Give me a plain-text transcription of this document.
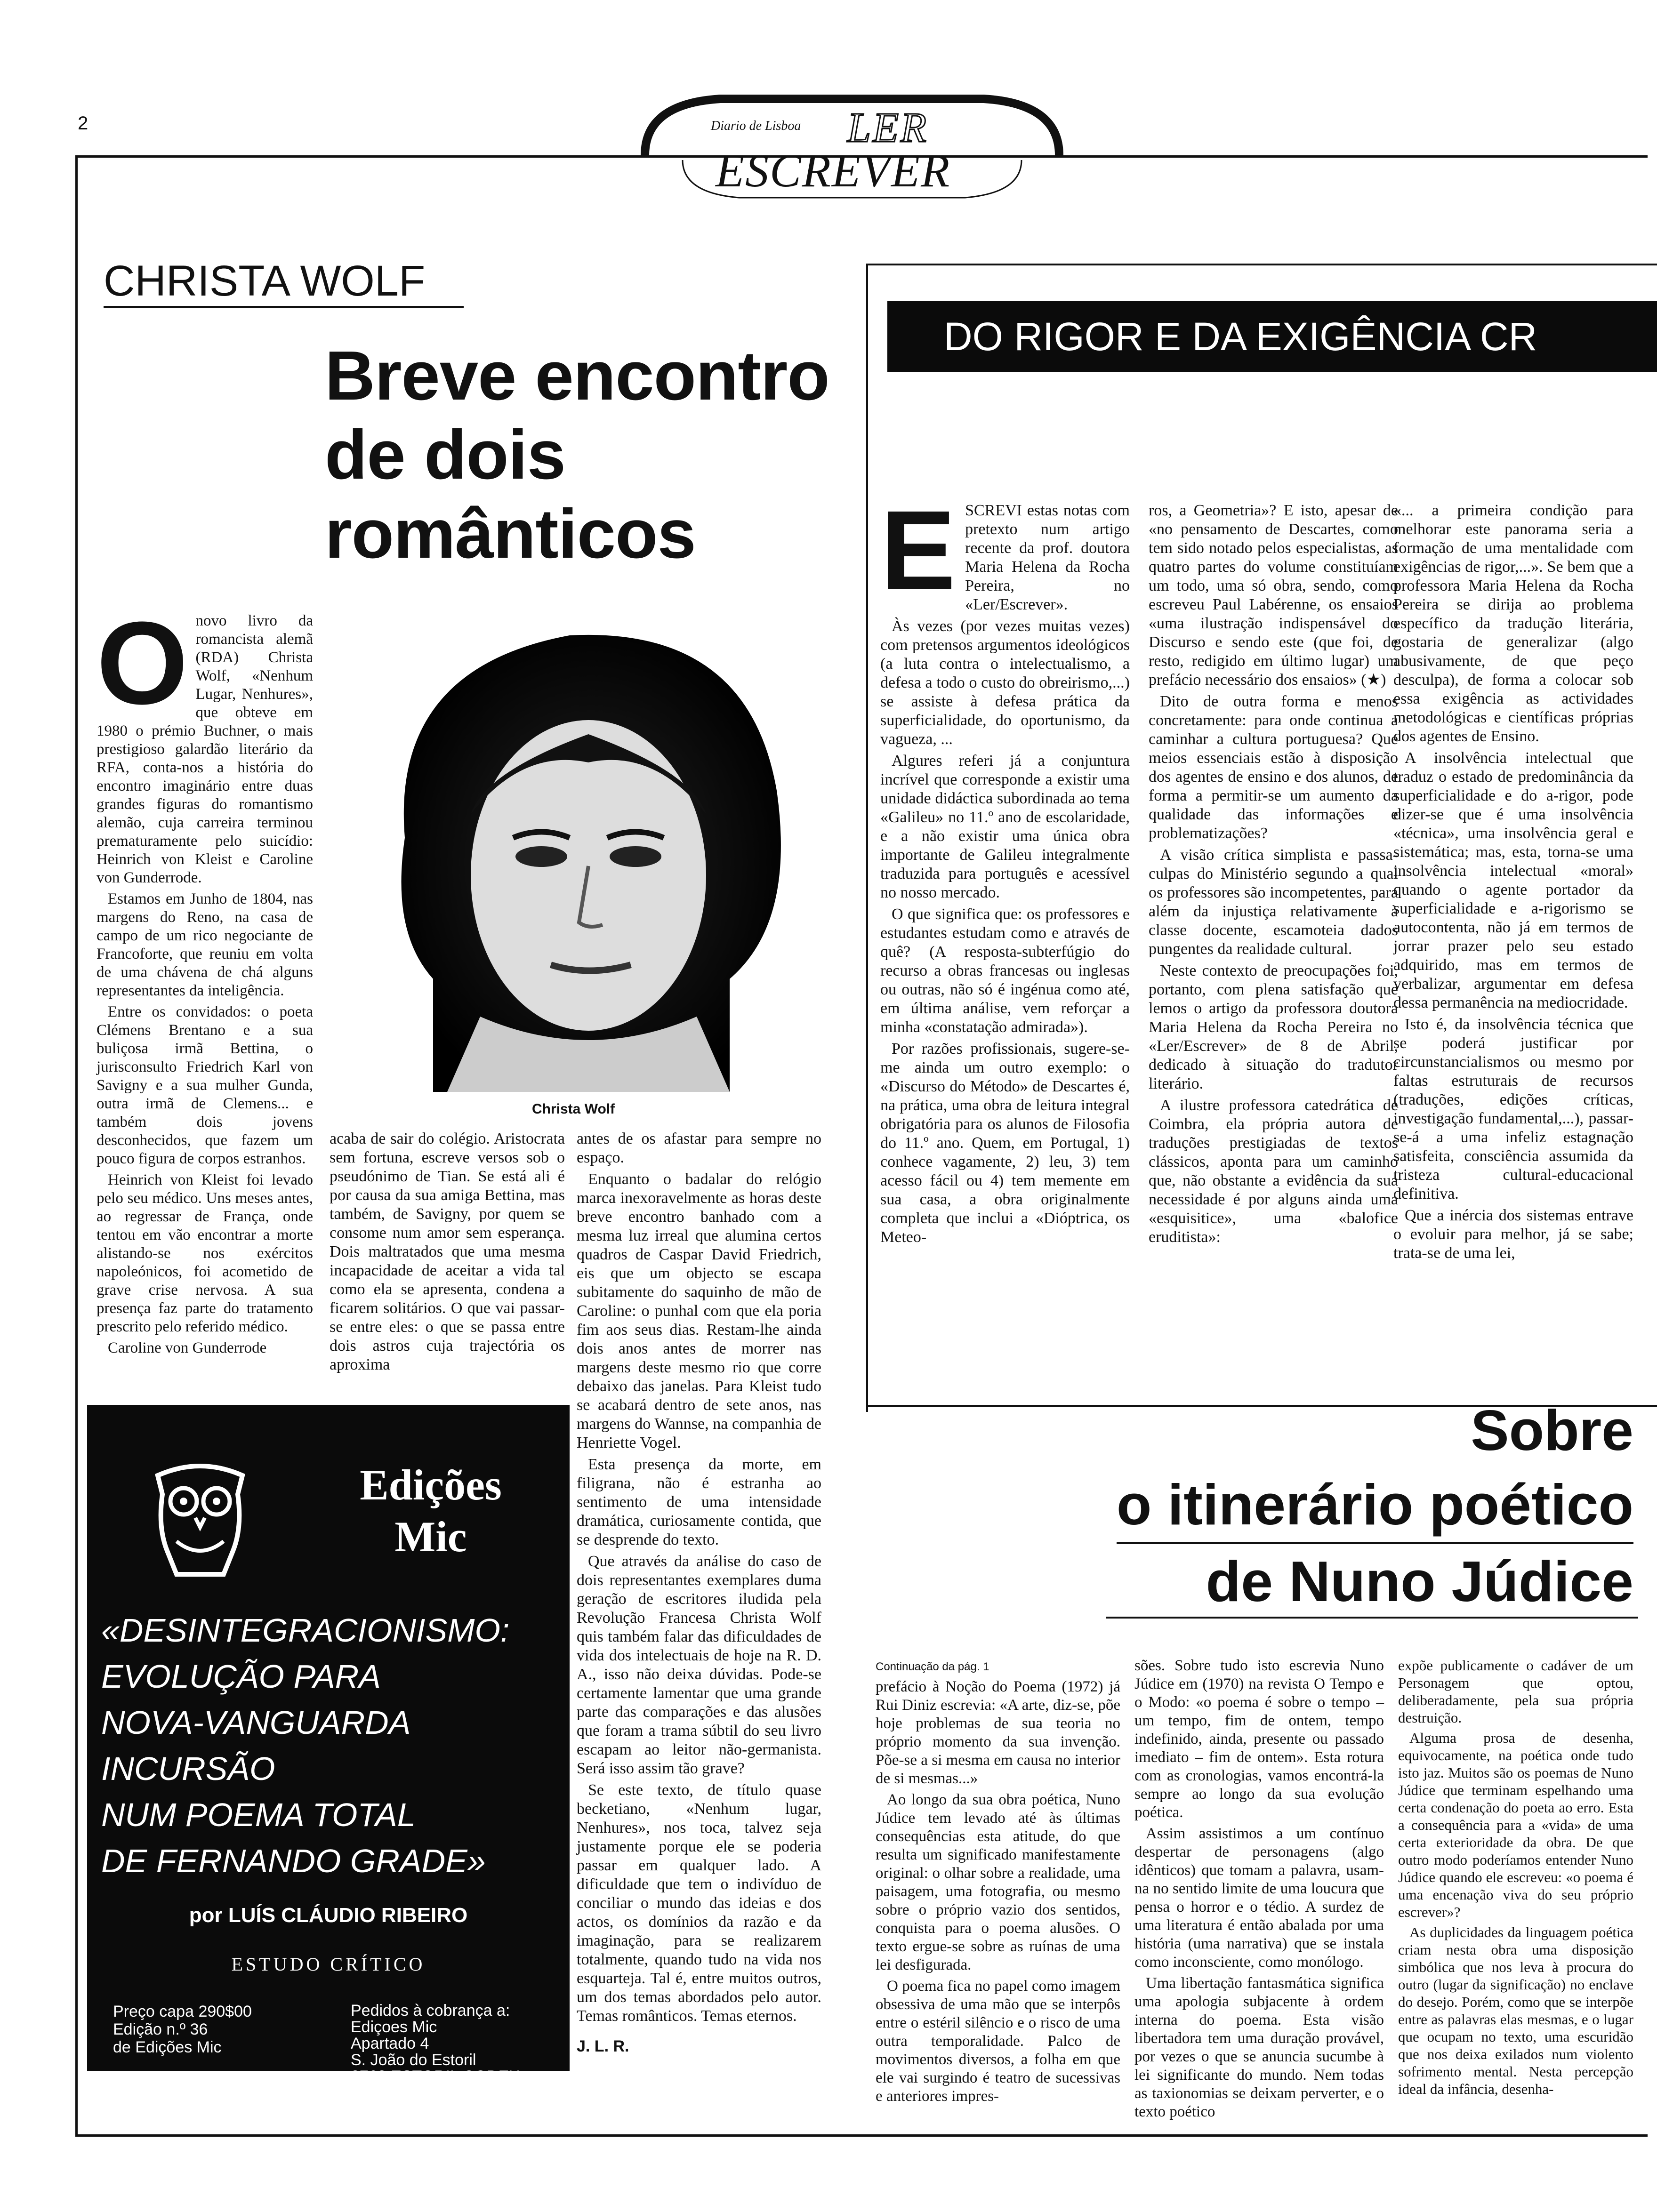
2	Diario de Lisboa LER
ESCREVER
CHRISTA WOLF
Breve encontro
de dois
românticos
Christa Wolf
O novo livro da romancista alemã (RDA) Christa Wolf, «Nenhum Lugar, Nenhures», que obteve em 1980 o prémio Buchner, o mais prestigioso galardão literário da RFA, conta-nos a história do encontro imaginário entre duas grandes figuras do romantismo alemão, cuja carreira terminou prematuramente pelo suicídio: Heinrich von Kleist e Caroline von Gunderrode.

Estamos em Junho de 1804, nas margens do Reno, na casa de campo de um rico negociante de Francoforte, que reuniu em volta de uma chávena de chá alguns representantes da inteligência.

Entre os convidados: o poeta Clémens Brentano e a sua buliçosa irmã Bettina, o jurisconsulto Friedrich Karl von Savigny e a sua mulher Gunda, outra irmã de Clemens... e também dois jovens desconhecidos, que fazem um pouco figura de corpos estranhos.

Heinrich von Kleist foi levado pelo seu médico. Uns meses antes, ao regressar de França, onde tentou em vão encontrar a morte alistando-se nos exércitos napoleónicos, foi acometido de grave crise nervosa. A sua presença faz parte do tratamento prescrito pelo referido médico.

Caroline von Gunderrode

acaba de sair do colégio. Aristocrata sem fortuna, escreve versos sob o pseudónimo de Tian. Se está ali é por causa da sua amiga Bettina, mas também, de Savigny, por quem se consome num amor sem esperança. Dois maltratados que uma mesma incapacidade de aceitar a vida tal como ela se apresenta, condena a ficarem solitários. O que vai passar-se entre eles: o que se passa entre dois astros cuja trajectória os aproxima

antes de os afastar para sempre no espaço.

Enquanto o badalar do relógio marca inexoravelmente as horas deste breve encontro banhado com a mesma luz irreal que alumina certos quadros de Caspar David Friedrich, eis que um objecto se escapa subitamente do saquinho de mão de Caroline: o punhal com que ela poria fim aos seus dias. Restam-lhe ainda dois anos antes de morrer nas margens deste mesmo rio que corre debaixo das janelas. Para Kleist tudo se acabará dentro de sete anos, nas margens do Wannse, na companhia de Henriette Vogel.

Esta presença da morte, em filigrana, não é estranha ao sentimento de uma intensidade dramática, curiosamente contida, que se desprende do texto.

Que através da análise do caso de dois representantes exemplares duma geração de escritores iludida pela Revolução Francesa Christa Wolf quis também falar das dificuldades de vida dos intelectuais de hoje na R. D. A., isso não deixa dúvidas. Pode-se certamente lamentar que uma grande parte das comparações e das alusões que foram a trama súbtil do seu livro escapam ao leitor não-germanista. Será isso assim tão grave?

Se este texto, de título quase becketiano, «Nenhum lugar, Nenhures», nos toca, talvez seja justamente porque ele se poderia passar em qualquer lado. A dificuldade que tem o indivíduo de conciliar o mundo das ideias e dos actos, os domínios da razão e da imaginação, para se realizarem totalmente, quando tudo na vida nos esquarteja. Tal é, entre muitos outros, um dos temas abordados pelo autor. Temas românticos. Temas eternos.

J. L. R.

Edições
Mic
«DESINTEGRACIONISMO:
EVOLUÇÃO PARA
NOVA-VANGUARDA
INCURSÃO
NUM POEMA TOTAL
DE FERNANDO GRADE»
por LUÍS CLÁUDIO RIBEIRO
ESTUDO CRÍTICO
Preço capa 290$00
Edição n.º 36
de Edições Mic
Pedidos à cobrança a:
Ediçoes Mic
Apartado 4
S. João do Estoril
2768 ESTORIL CODEX
DO RIGOR E DA EXIGÊNCIA CR
E SCREVI estas notas com pretexto num artigo recente da prof. doutora Maria Helena da Rocha Pereira, no «Ler/Escrever».

Às vezes (por vezes muitas vezes) com pretensos argumentos ideológicos (a luta contra o intelectualismo, a defesa a todo o custo do obreirismo,...) se assiste à defesa prática da superficialidade, do oportunismo, da vagueza, ...

Algures referi já a conjuntura incrível que corresponde a existir uma unidade didáctica subordinada ao tema «Galileu» no 11.º ano de escolaridade, e a não existir uma única obra importante de Galileu integralmente traduzida para português e acessível no nosso mercado.

O que significa que: os professores e estudantes estudam como e através de quê? (A resposta-subterfúgio do recurso a obras francesas ou inglesas ou outras, não só é ingénua como até, em última análise, vem reforçar a minha «constatação admirada»).

Por razões profissionais, sugere-se-me ainda um outro exemplo: o «Discurso do Método» de Descartes é, na prática, uma obra de leitura integral obrigatória para os alunos de Filosofia do 11.º ano. Quem, em Portugal, 1) conhece vagamente, 2) leu, 3) tem acesso fácil ou 4) tem memente em sua casa, a obra originalmente completa que inclui a «Dióptrica, os Meteo-

ros, a Geometria»? E isto, apesar de «no pensamento de Descartes, como tem sido notado pelos especialistas, as quatro partes do volume constituíam um todo, uma só obra, sendo, como escreveu Paul Labérenne, os ensaios «uma ilustração indispensável do Discurso e sendo este (que foi, de resto, redigido em último lugar) um prefácio necessário dos ensaios» (★)

Dito de outra forma e menos concretamente: para onde continua a caminhar a cultura portuguesa? Que meios essenciais estão à disposição dos agentes de ensino e dos alunos, de forma a permitir-se um aumento da qualidade das informações e problematizações?

A visão crítica simplista e passa-culpas do Ministério segundo a qual os professores são incompetentes, para além da injustiça relativamente à classe docente, escamoteia dados pungentes da realidade cultural.

Neste contexto de preocupações foi, portanto, com plena satisfação que lemos o artigo da professora doutora Maria Helena da Rocha Pereira no «Ler/Escrever» de 8 de Abril, dedicado à situação do tradutor literário.

A ilustre professora catedrática de Coimbra, ela própria autora de traduções prestigiadas de textos clássicos, aponta para um caminho que, não obstante a evidência da sua necessidade é por alguns ainda uma «esquisitice», uma «balofice eruditista»:

«... a primeira condição para melhorar este panorama seria a formação de uma mentalidade com exigências de rigor,...». Se bem que a professora Maria Helena da Rocha Pereira se dirija ao problema específico da tradução literária, gostaria de generalizar (algo abusivamente, de que peço desculpa), de forma a colocar sob essa exigência as actividades metodológicas e científicas próprias dos agentes de Ensino.

A insolvência intelectual que traduz o estado de predominância da superficialidade e do a-rigor, pode dizer-se que é uma insolvência «técnica», uma insolvência geral e sistemática; mas, esta, torna-se uma insolvência intelectual «moral» quando o agente portador da superficialidade e a-rigorismo se autocontenta, não já em termos de jorrar prazer pelo seu estado adquirido, mas em termos de verbalizar, argumentar em defesa dessa permanência na mediocridade.

Isto é, da insolvência técnica que se poderá justificar por circunstancialismos ou mesmo por faltas estruturais de recursos (traduções, edições críticas, investigação fundamental,...), passar-se-á a uma infeliz estagnação satisfeita, consciência assumida da tristeza cultural-educacional definitiva.

Que a inércia dos sistemas entrave o evoluir para melhor, já se sabe; trata-se de uma lei,

Sobre
o itinerário poético
de Nuno Júdice
Continuação da pág. 1

prefácio à Noção do Poema (1972) já Rui Diniz escrevia: «A arte, diz-se, põe hoje problemas de sua teoria no próprio momento da sua invenção. Põe-se a si mesma em causa no interior de si mesmas...»

Ao longo da sua obra poética, Nuno Júdice tem levado até às últimas consequências esta atitude, do que resulta um significado manifestamente original: o olhar sobre a realidade, uma paisagem, uma fotografia, ou mesmo sobre o próprio vazio dos sentidos, conquista para o poema alusões. O texto ergue-se sobre as ruínas de uma lei desfigurada.

O poema fica no papel como imagem obsessiva de uma mão que se interpôs entre o estéril silêncio e o risco de uma outra temporalidade. Palco de movimentos diversos, a folha em que ele vai surgindo é teatro de sucessivas e anteriores impres-

sões. Sobre tudo isto escrevia Nuno Júdice em (1970) na revista O Tempo e o Modo: «o poema é sobre o tempo – um tempo, fim de ontem, tempo indefinido, ainda, presente ou passado imediato – fim de ontem». Esta rotura com as cronologias, vamos encontrá-la sempre ao longo da sua evolução poética.

Assim assistimos a um contínuo despertar de personagens (algo idênticos) que tomam a palavra, usam-na no sentido limite de uma loucura que pensa o horror e o tédio. A surdez de uma literatura é então abalada por uma história (uma narrativa) que se instala como inconsciente, como monólogo.

Uma libertação fantasmática significa uma apologia subjacente à ordem interna do poema. Esta visão libertadora tem uma duração provável, por vezes o que se anuncia sucumbe à lei significante do mundo. Nem todas as taxionomias se deixam perverter, e o texto poético

expõe publicamente o cadáver de um Personagem que optou, deliberadamente, pela sua própria destruição.

Alguma prosa de desenha, equivocamente, na poética onde tudo isto jaz. Muitos são os poemas de Nuno Júdice que terminam espelhando uma certa condenação do poeta ao erro. Esta a consequência para a «vida» de uma certa exterioridade da obra. De que outro modo poderíamos entender Nuno Júdice quando ele escreveu: «o poema é uma encenação viva do seu próprio escrever»?

As duplicidades da linguagem poética criam nesta obra uma disposição simbólica que nos leva à procura do outro (lugar da significação) no enclave do desejo. Porém, como que se interpõe entre as palavras elas mesmas, e o lugar que ocupam no texto, uma escuridão que nos deixa exilados num violento sofrimento mental. Nesta percepção ideal da infância, desenha-
